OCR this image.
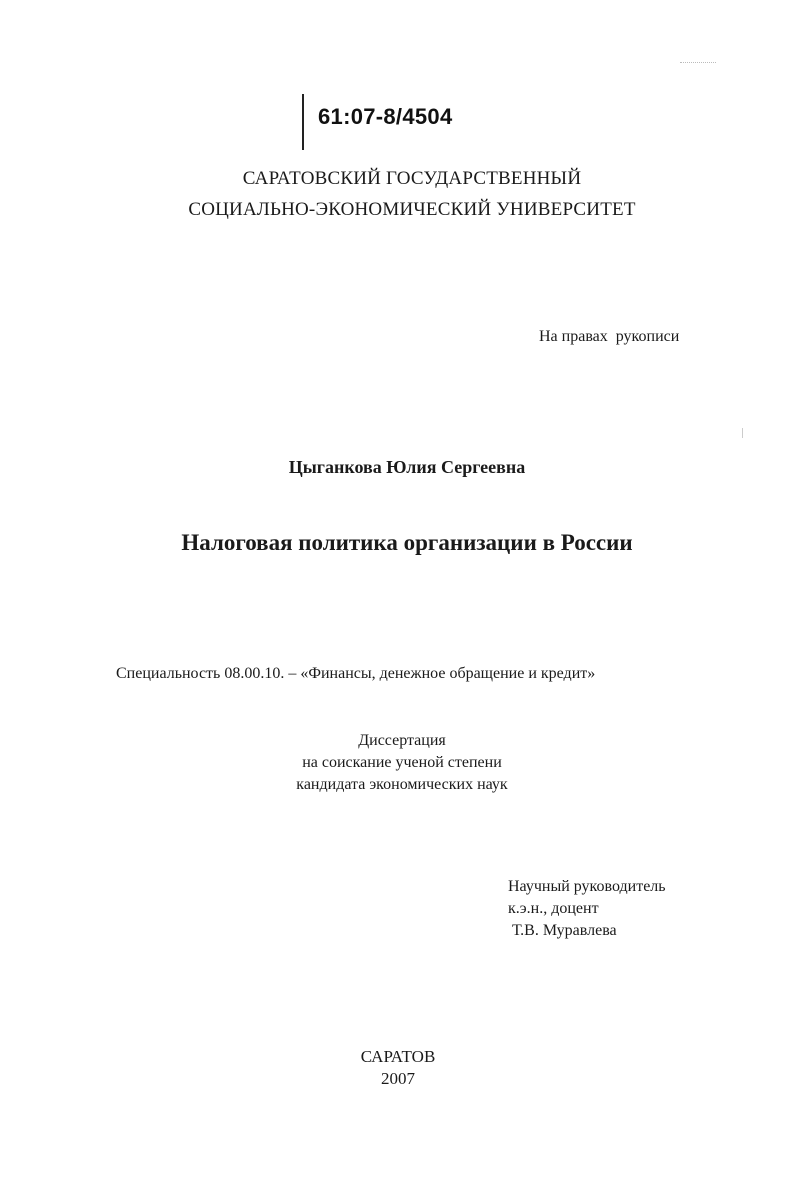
61:07-8/4504
САРАТОВСКИЙ ГОСУДАРСТВЕННЫЙ
СОЦИАЛЬНО-ЭКОНОМИЧЕСКИЙ УНИВЕРСИТЕТ
На правах  рукописи
Цыганкова Юлия Сергеевна
Налоговая политика организации в России
Специальность 08.00.10. – «Финансы, денежное обращение и кредит»
Диссертация
на соискание ученой степени
кандидата экономических наук
Научный руководитель
к.э.н., доцент
Т.В. Муравлева
САРАТОВ
2007
